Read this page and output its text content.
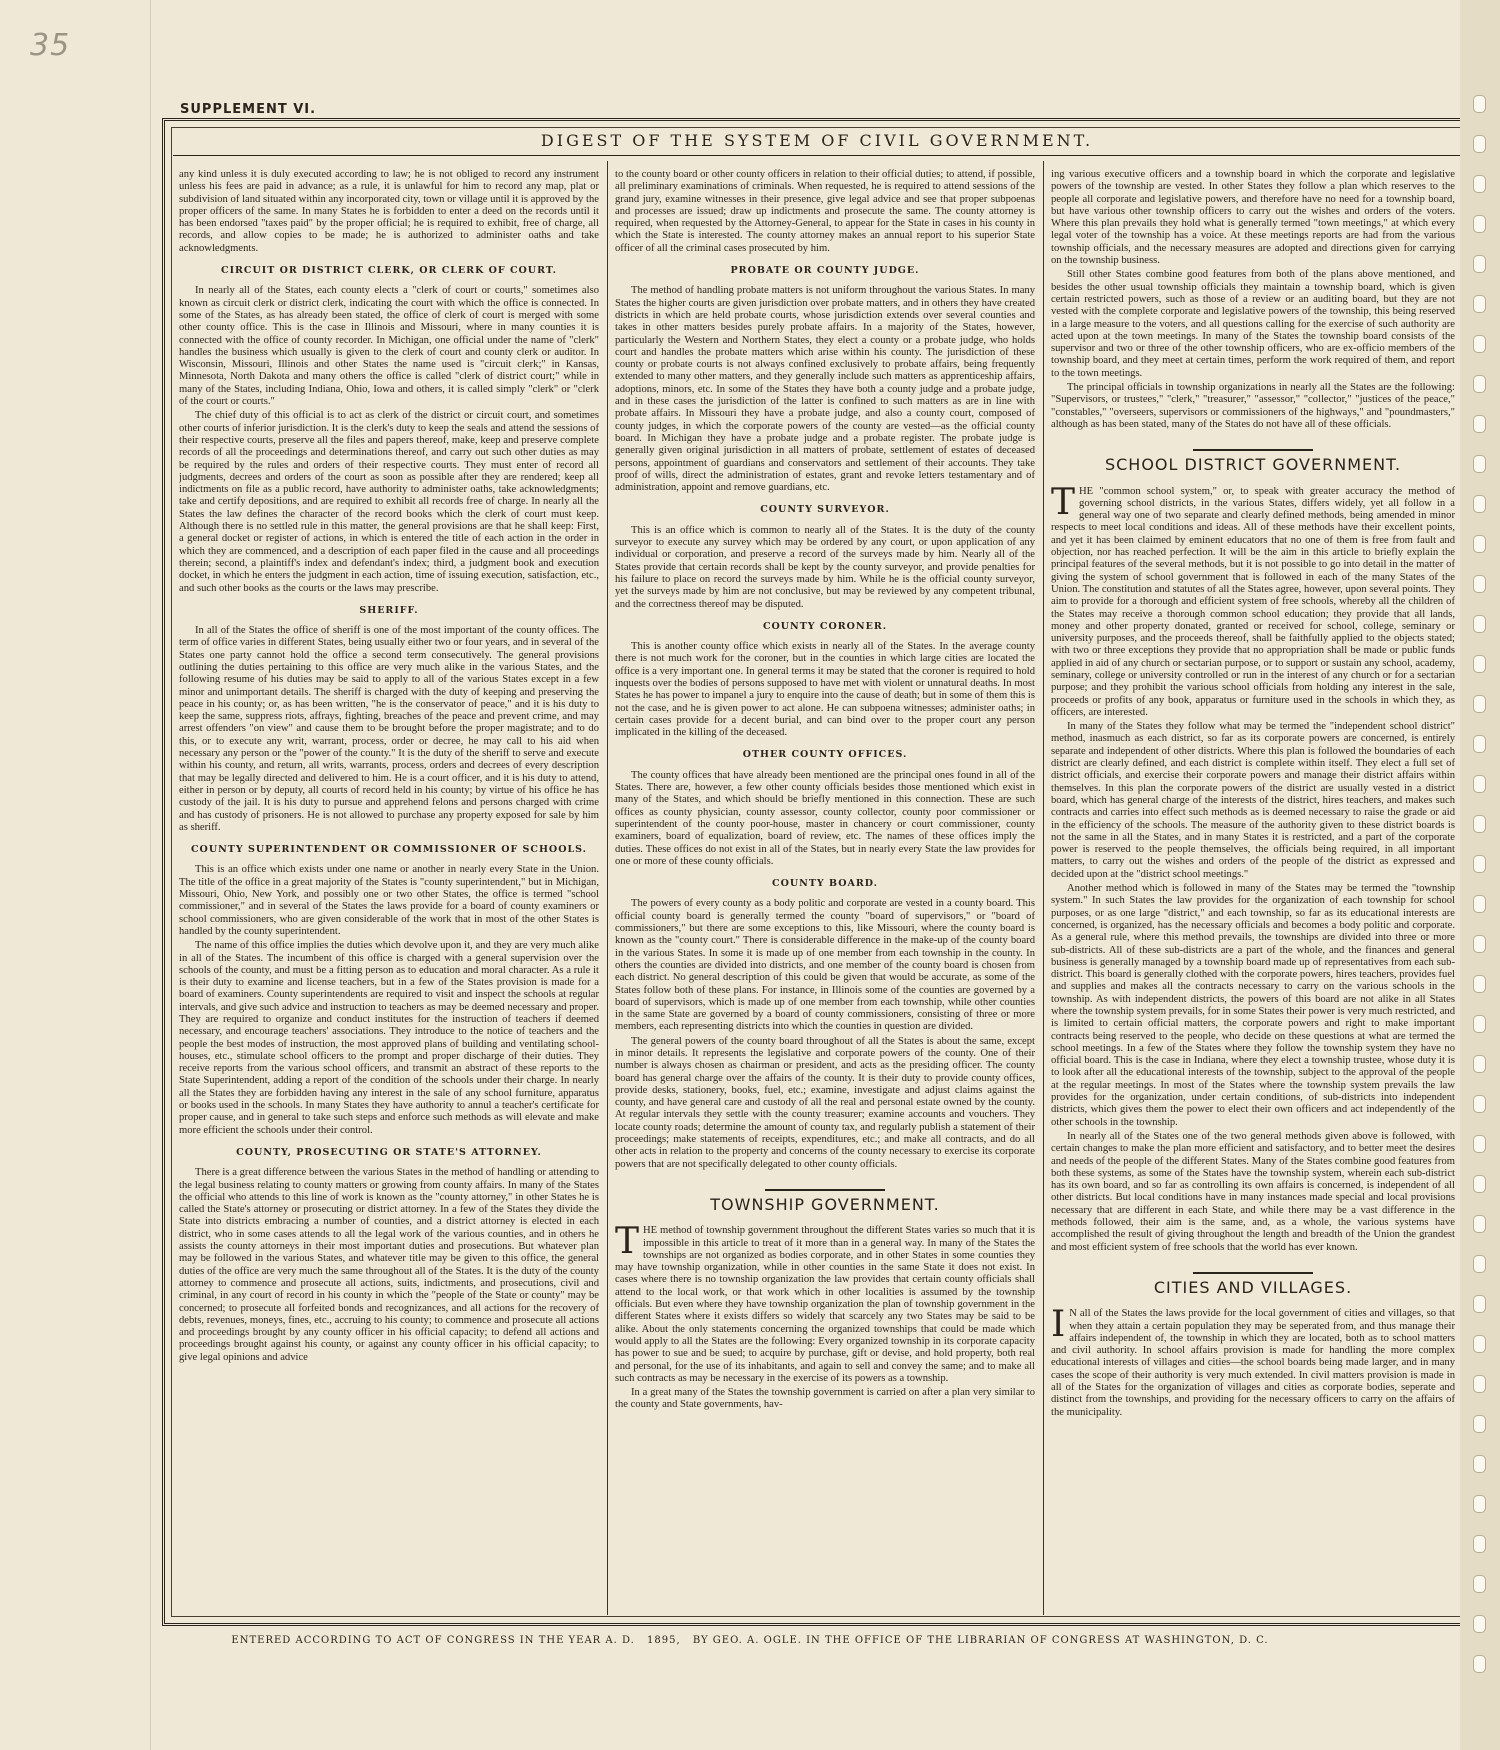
35
SUPPLEMENT VI.
DIGEST OF THE SYSTEM OF CIVIL GOVERNMENT.

any kind unless it is duly executed according to law; he is not obliged to record any instrument unless his fees are paid in advance; as a rule, it is unlawful for him to record any map, plat or subdivision of land situated within any incorporated city, town or village until it is approved by the proper officers of the same. In many States he is forbidden to enter a deed on the records until it has been endorsed "taxes paid" by the proper official; he is required to exhibit, free of charge, all records, and allow copies to be made; he is authorized to administer oaths and take acknowledgments.

CIRCUIT OR DISTRICT CLERK, OR CLERK OF COURT.

In nearly all of the States, each county elects a "clerk of court or courts," sometimes also known as circuit clerk or district clerk, indicating the court with which the office is connected. In some of the States, as has already been stated, the office of clerk of court is merged with some other county office. This is the case in Illinois and Missouri, where in many counties it is connected with the office of county recorder. In Michigan, one official under the name of "clerk" handles the business which usually is given to the clerk of court and county clerk or auditor. In Wisconsin, Missouri, Illinois and other States the name used is "circuit clerk;" in Kansas, Minnesota, North Dakota and many others the office is called "clerk of district court;" while in many of the States, including Indiana, Ohio, Iowa and others, it is called simply "clerk" or "clerk of the court or courts."

The chief duty of this official is to act as clerk of the district or circuit court, and sometimes other courts of inferior jurisdiction. It is the clerk's duty to keep the seals and attend the sessions of their respective courts, preserve all the files and papers thereof, make, keep and preserve complete records of all the proceedings and determinations thereof, and carry out such other duties as may be required by the rules and orders of their respective courts. They must enter of record all judgments, decrees and orders of the court as soon as possible after they are rendered; keep all indictments on file as a public record, have authority to administer oaths, take acknowledgments; take and certify depositions, and are required to exhibit all records free of charge. In nearly all the States the law defines the character of the record books which the clerk of court must keep. Although there is no settled rule in this matter, the general provisions are that he shall keep: First, a general docket or register of actions, in which is entered the title of each action in the order in which they are commenced, and a description of each paper filed in the cause and all proceedings therein; second, a plaintiff's index and defendant's index; third, a judgment book and execution docket, in which he enters the judgment in each action, time of issuing execution, satisfaction, etc., and such other books as the courts or the laws may prescribe.

SHERIFF.

In all of the States the office of sheriff is one of the most important of the county offices. The term of office varies in different States, being usually either two or four years, and in several of the States one party cannot hold the office a second term consecutively. The general provisions outlining the duties pertaining to this office are very much alike in the various States, and the following resume of his duties may be said to apply to all of the various States except in a few minor and unimportant details. The sheriff is charged with the duty of keeping and preserving the peace in his county; or, as has been written, "he is the conservator of peace," and it is his duty to keep the same, suppress riots, affrays, fighting, breaches of the peace and prevent crime, and may arrest offenders "on view" and cause them to be brought before the proper magistrate; and to do this, or to execute any writ, warrant, process, order or decree, he may call to his aid when necessary any person or the "power of the county." It is the duty of the sheriff to serve and execute within his county, and return, all writs, warrants, process, orders and decrees of every description that may be legally directed and delivered to him. He is a court officer, and it is his duty to attend, either in person or by deputy, all courts of record held in his county; by virtue of his office he has custody of the jail. It is his duty to pursue and apprehend felons and persons charged with crime and has custody of prisoners. He is not allowed to purchase any property exposed for sale by him as sheriff.

COUNTY SUPERINTENDENT OR COMMISSIONER OF SCHOOLS.

This is an office which exists under one name or another in nearly every State in the Union. The title of the office in a great majority of the States is "county superintendent," but in Michigan, Missouri, Ohio, New York, and possibly one or two other States, the office is termed "school commissioner," and in several of the States the laws provide for a board of county examiners or school commissioners, who are given considerable of the work that in most of the other States is handled by the county superintendent.

The name of this office implies the duties which devolve upon it, and they are very much alike in all of the States. The incumbent of this office is charged with a general supervision over the schools of the county, and must be a fitting person as to education and moral character. As a rule it is their duty to examine and license teachers, but in a few of the States provision is made for a board of examiners. County superintendents are required to visit and inspect the schools at regular intervals, and give such advice and instruction to teachers as may be deemed necessary and proper. They are required to organize and conduct institutes for the instruction of teachers if deemed necessary, and encourage teachers' associations. They introduce to the notice of teachers and the people the best modes of instruction, the most approved plans of building and ventilating school-houses, etc., stimulate school officers to the prompt and proper discharge of their duties. They receive reports from the various school officers, and transmit an abstract of these reports to the State Superintendent, adding a report of the condition of the schools under their charge. In nearly all the States they are forbidden having any interest in the sale of any school furniture, apparatus or books used in the schools. In many States they have authority to annul a teacher's certificate for proper cause, and in general to take such steps and enforce such methods as will elevate and make more efficient the schools under their control.

COUNTY, PROSECUTING OR STATE'S ATTORNEY.

There is a great difference between the various States in the method of handling or attending to the legal business relating to county matters or growing from county affairs. In many of the States the official who attends to this line of work is known as the "county attorney," in other States he is called the State's attorney or prosecuting or district attorney. In a few of the States they divide the State into districts embracing a number of counties, and a district attorney is elected in each district, who in some cases attends to all the legal work of the various counties, and in others he assists the county attorneys in their most important duties and prosecutions. But whatever plan may be followed in the various States, and whatever title may be given to this office, the general duties of the office are very much the same throughout all of the States. It is the duty of the county attorney to commence and prosecute all actions, suits, indictments, and prosecutions, civil and criminal, in any court of record in his county in which the "people of the State or county" may be concerned; to prosecute all forfeited bonds and recognizances, and all actions for the recovery of debts, revenues, moneys, fines, etc., accruing to his county; to commence and prosecute all actions and proceedings brought by any county officer in his official capacity; to defend all actions and proceedings brought against his county, or against any county officer in his official capacity; to give legal opinions and advice

to the county board or other county officers in relation to their official duties; to attend, if possible, all preliminary examinations of criminals. When requested, he is required to attend sessions of the grand jury, examine witnesses in their presence, give legal advice and see that proper subpoenas and processes are issued; draw up indictments and prosecute the same. The county attorney is required, when requested by the Attorney-General, to appear for the State in cases in his county in which the State is interested. The county attorney makes an annual report to his superior State officer of all the criminal cases prosecuted by him.

PROBATE OR COUNTY JUDGE.

The method of handling probate matters is not uniform throughout the various States. In many States the higher courts are given jurisdiction over probate matters, and in others they have created districts in which are held probate courts, whose jurisdiction extends over several counties and takes in other matters besides purely probate affairs. In a majority of the States, however, particularly the Western and Northern States, they elect a county or a probate judge, who holds court and handles the probate matters which arise within his county. The jurisdiction of these county or probate courts is not always confined exclusively to probate affairs, being frequently extended to many other matters, and they generally include such matters as apprenticeship affairs, adoptions, minors, etc. In some of the States they have both a county judge and a probate judge, and in these cases the jurisdiction of the latter is confined to such matters as are in line with probate affairs. In Missouri they have a probate judge, and also a county court, composed of county judges, in which the corporate powers of the county are vested—as the official county board. In Michigan they have a probate judge and a probate register. The probate judge is generally given original jurisdiction in all matters of probate, settlement of estates of deceased persons, appointment of guardians and conservators and settlement of their accounts. They take proof of wills, direct the administration of estates, grant and revoke letters testamentary and of administration, appoint and remove guardians, etc.

COUNTY SURVEYOR.

This is an office which is common to nearly all of the States. It is the duty of the county surveyor to execute any survey which may be ordered by any court, or upon application of any individual or corporation, and preserve a record of the surveys made by him. Nearly all of the States provide that certain records shall be kept by the county surveyor, and provide penalties for his failure to place on record the surveys made by him. While he is the official county surveyor, yet the surveys made by him are not conclusive, but may be reviewed by any competent tribunal, and the correctness thereof may be disputed.

COUNTY CORONER.

This is another county office which exists in nearly all of the States. In the average county there is not much work for the coroner, but in the counties in which large cities are located the office is a very important one. In general terms it may be stated that the coroner is required to hold inquests over the bodies of persons supposed to have met with violent or unnatural deaths. In most States he has power to impanel a jury to enquire into the cause of death; but in some of them this is not the case, and he is given power to act alone. He can subpoena witnesses; administer oaths; in certain cases provide for a decent burial, and can bind over to the proper court any person implicated in the killing of the deceased.

OTHER COUNTY OFFICES.

The county offices that have already been mentioned are the principal ones found in all of the States. There are, however, a few other county officials besides those mentioned which exist in many of the States, and which should be briefly mentioned in this connection. These are such offices as county physician, county assessor, county collector, county poor commissioner or superintendent of the county poor-house, master in chancery or court commissioner, county examiners, board of equalization, board of review, etc. The names of these offices imply the duties. These offices do not exist in all of the States, but in nearly every State the law provides for one or more of these county officials.

COUNTY BOARD.

The powers of every county as a body politic and corporate are vested in a county board. This official county board is generally termed the county "board of supervisors," or "board of commissioners," but there are some exceptions to this, like Missouri, where the county board is known as the "county court." There is considerable difference in the make-up of the county board in the various States. In some it is made up of one member from each township in the county. In others the counties are divided into districts, and one member of the county board is chosen from each district. No general description of this could be given that would be accurate, as some of the States follow both of these plans. For instance, in Illinois some of the counties are governed by a board of supervisors, which is made up of one member from each township, while other counties in the same State are governed by a board of county commissioners, consisting of three or more members, each representing districts into which the counties in question are divided.

The general powers of the county board throughout of all the States is about the same, except in minor details. It represents the legislative and corporate powers of the county. One of their number is always chosen as chairman or president, and acts as the presiding officer. The county board has general charge over the affairs of the county. It is their duty to provide county offices, provide desks, stationery, books, fuel, etc.; examine, investigate and adjust claims against the county, and have general care and custody of all the real and personal estate owned by the county. At regular intervals they settle with the county treasurer; examine accounts and vouchers. They locate county roads; determine the amount of county tax, and regularly publish a statement of their proceedings; make statements of receipts, expenditures, etc.; and make all contracts, and do all other acts in relation to the property and concerns of the county necessary to exercise its corporate powers that are not specifically delegated to other county officials.

TOWNSHIP GOVERNMENT.

THE method of township government throughout the different States varies so much that it is impossible in this article to treat of it more than in a general way. In many of the States the townships are not organized as bodies corporate, and in other States in some counties they may have township organization, while in other counties in the same State it does not exist. In cases where there is no township organization the law provides that certain county officials shall attend to the local work, or that work which in other localities is assumed by the township officials. But even where they have township organization the plan of township government in the different States where it exists differs so widely that scarcely any two States may be said to be alike. About the only statements concerning the organized townships that could be made which would apply to all the States are the following: Every organized township in its corporate capacity has power to sue and be sued; to acquire by purchase, gift or devise, and hold property, both real and personal, for the use of its inhabitants, and again to sell and convey the same; and to make all such contracts as may be necessary in the exercise of its powers as a township.

In a great many of the States the township government is carried on after a plan very similar to the county and State governments, hav-

ing various executive officers and a township board in which the corporate and legislative powers of the township are vested. In other States they follow a plan which reserves to the people all corporate and legislative powers, and therefore have no need for a township board, but have various other township officers to carry out the wishes and orders of the voters. Where this plan prevails they hold what is generally termed "town meetings," at which every legal voter of the township has a voice. At these meetings reports are had from the various township officials, and the necessary measures are adopted and directions given for carrying on the township business.

Still other States combine good features from both of the plans above mentioned, and besides the other usual township officials they maintain a township board, which is given certain restricted powers, such as those of a review or an auditing board, but they are not vested with the complete corporate and legislative powers of the township, this being reserved in a large measure to the voters, and all questions calling for the exercise of such authority are acted upon at the town meetings. In many of the States the township board consists of the supervisor and two or three of the other township officers, who are ex-officio members of the township board, and they meet at certain times, perform the work required of them, and report to the town meetings.

The principal officials in township organizations in nearly all the States are the following: "Supervisors, or trustees," "clerk," "treasurer," "assessor," "collector," "justices of the peace," "constables," "overseers, supervisors or commissioners of the highways," and "poundmasters," although as has been stated, many of the States do not have all of these officials.

SCHOOL DISTRICT GOVERNMENT.

THE "common school system," or, to speak with greater accuracy the method of governing school districts, in the various States, differs widely, yet all follow in a general way one of two separate and clearly defined methods, being amended in minor respects to meet local conditions and ideas. All of these methods have their excellent points, and yet it has been claimed by eminent educators that no one of them is free from fault and objection, nor has reached perfection. It will be the aim in this article to briefly explain the principal features of the several methods, but it is not possible to go into detail in the matter of giving the system of school government that is followed in each of the many States of the Union. The constitution and statutes of all the States agree, however, upon several points. They aim to provide for a thorough and efficient system of free schools, whereby all the children of the States may receive a thorough common school education; they provide that all lands, money and other property donated, granted or received for school, college, seminary or university purposes, and the proceeds thereof, shall be faithfully applied to the objects stated; with two or three exceptions they provide that no appropriation shall be made or public funds applied in aid of any church or sectarian purpose, or to support or sustain any school, academy, seminary, college or university controlled or run in the interest of any church or for a sectarian purpose; and they prohibit the various school officials from holding any interest in the sale, proceeds or profits of any book, apparatus or furniture used in the schools in which they, as officers, are interested.

In many of the States they follow what may be termed the "independent school district" method, inasmuch as each district, so far as its corporate powers are concerned, is entirely separate and independent of other districts. Where this plan is followed the boundaries of each district are clearly defined, and each district is complete within itself. They elect a full set of district officials, and exercise their corporate powers and manage their district affairs within themselves. In this plan the corporate powers of the district are usually vested in a district board, which has general charge of the interests of the district, hires teachers, and makes such contracts and carries into effect such methods as is deemed necessary to raise the grade or aid in the efficiency of the schools. The measure of the authority given to these district boards is not the same in all the States, and in many States it is restricted, and a part of the corporate power is reserved to the people themselves, the officials being required, in all important matters, to carry out the wishes and orders of the people of the district as expressed and decided upon at the "district school meetings."

Another method which is followed in many of the States may be termed the "township system." In such States the law provides for the organization of each township for school purposes, or as one large "district," and each township, so far as its educational interests are concerned, is organized, has the necessary officials and becomes a body politic and corporate. As a general rule, where this method prevails, the townships are divided into three or more sub-districts. All of these sub-districts are a part of the whole, and the finances and general business is generally managed by a township board made up of representatives from each sub-district. This board is generally clothed with the corporate powers, hires teachers, provides fuel and supplies and makes all the contracts necessary to carry on the various schools in the township. As with independent districts, the powers of this board are not alike in all States where the township system prevails, for in some States their power is very much restricted, and is limited to certain official matters, the corporate powers and right to make important contracts being reserved to the people, who decide on these questions at what are termed the school meetings. In a few of the States where they follow the township system they have no official board. This is the case in Indiana, where they elect a township trustee, whose duty it is to look after all the educational interests of the township, subject to the approval of the people at the regular meetings. In most of the States where the township system prevails the law provides for the organization, under certain conditions, of sub-districts into independent districts, which gives them the power to elect their own officers and act independently of the other schools in the township.

In nearly all of the States one of the two general methods given above is followed, with certain changes to make the plan more efficient and satisfactory, and to better meet the desires and needs of the people of the different States. Many of the States combine good features from both these systems, as some of the States have the township system, wherein each sub-district has its own board, and so far as controlling its own affairs is concerned, is independent of all other districts. But local conditions have in many instances made special and local provisions necessary that are different in each State, and while there may be a vast difference in the methods followed, their aim is the same, and, as a whole, the various systems have accomplished the result of giving throughout the length and breadth of the Union the grandest and most efficient system of free schools that the world has ever known.

CITIES AND VILLAGES.

I N all of the States the laws provide for the local government of cities and villages, so that when they attain a certain population they may be seperated from, and thus manage their affairs independent of, the township in which they are located, both as to school matters and civil authority. In school affairs provision is made for handling the more complex educational interests of villages and cities—the school boards being made larger, and in many cases the scope of their authority is very much extended. In civil matters provision is made in all of the States for the organization of villages and cities as corporate bodies, seperate and distinct from the townships, and providing for the necessary officers to carry on the affairs of the municipality.

ENTERED ACCORDING TO ACT OF CONGRESS IN THE YEAR A. D. 1895, BY GEO. A. OGLE. IN THE OFFICE OF THE LIBRARIAN OF CONGRESS AT WASHINGTON, D. C.
